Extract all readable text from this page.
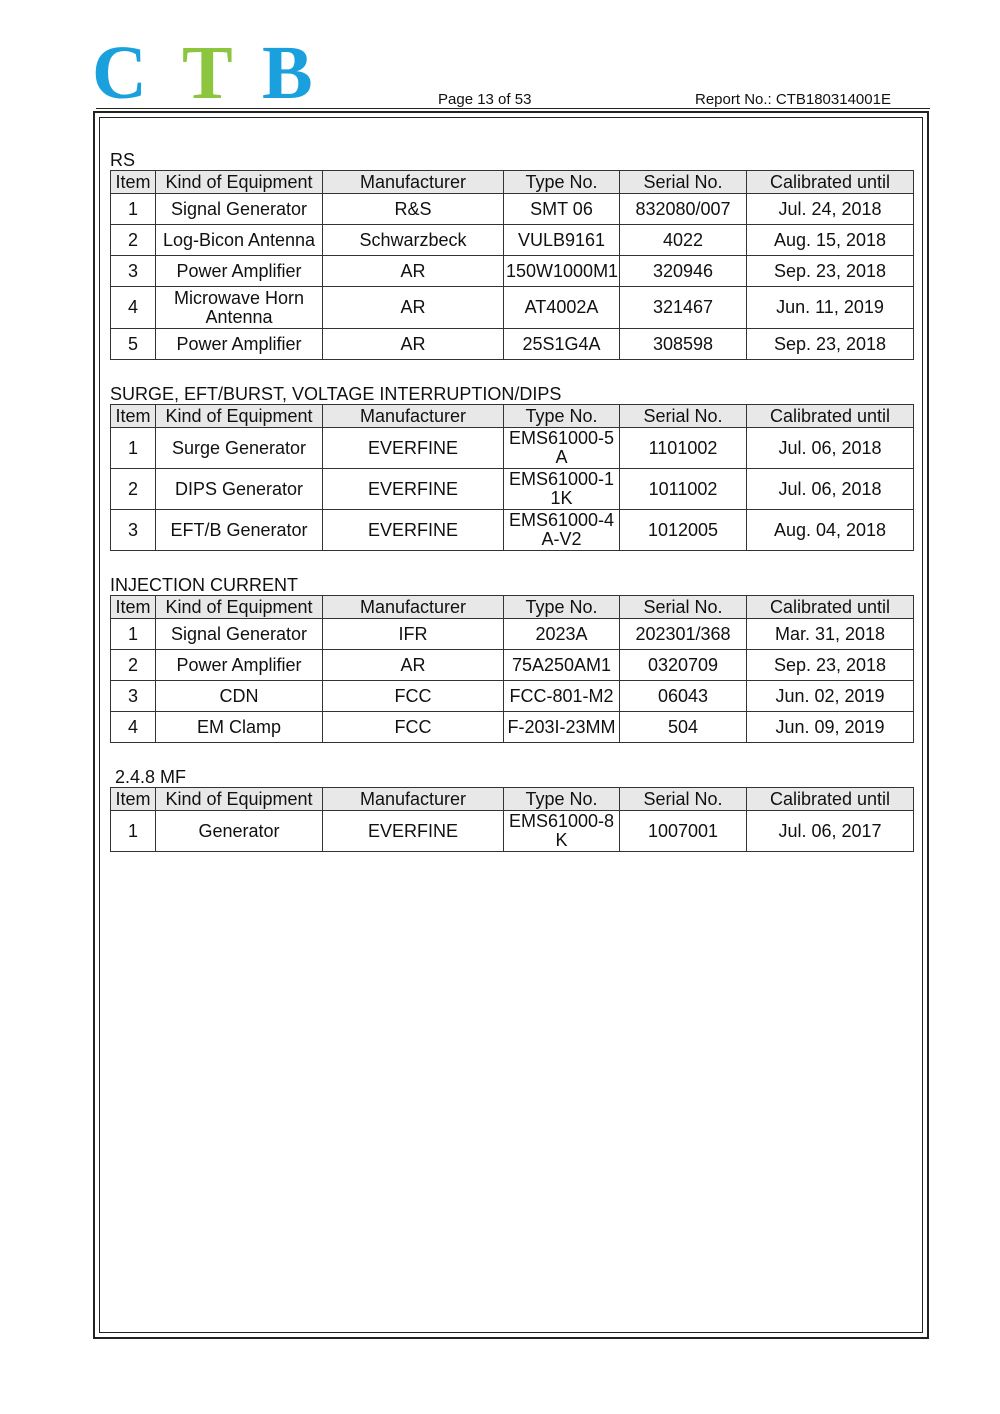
C T B	Page 13 of 53	Report No.: CTB180314001E
RS
Item	Kind of Equipment	Manufacturer	Type No.	Serial No.	Calibrated until
1	Signal Generator	R&S	SMT 06	832080/007	Jul. 24, 2018
2	Log-Bicon Antenna	Schwarzbeck	VULB9161	4022	Aug. 15, 2018
3	Power Amplifier	AR	150W1000M1	320946	Sep. 23, 2018
4	Microwave Horn Antenna	AR	AT4002A	321467	Jun. 11, 2019
5	Power Amplifier	AR	25S1G4A	308598	Sep. 23, 2018
SURGE, EFT/BURST, VOLTAGE INTERRUPTION/DIPS
Item	Kind of Equipment	Manufacturer	Type No.	Serial No.	Calibrated until
1	Surge Generator	EVERFINE	EMS61000-5A	1101002	Jul. 06, 2018
2	DIPS Generator	EVERFINE	EMS61000-11K	1011002	Jul. 06, 2018
3	EFT/B Generator	EVERFINE	EMS61000-4A-V2	1012005	Aug. 04, 2018
INJECTION CURRENT
Item	Kind of Equipment	Manufacturer	Type No.	Serial No.	Calibrated until
1	Signal Generator	IFR	2023A	202301/368	Mar. 31, 2018
2	Power Amplifier	AR	75A250AM1	0320709	Sep. 23, 2018
3	CDN	FCC	FCC-801-M2	06043	Jun. 02, 2019
4	EM Clamp	FCC	F-203I-23MM	504	Jun. 09, 2019
2.4.8 MF
Item	Kind of Equipment	Manufacturer	Type No.	Serial No.	Calibrated until
1	Generator	EVERFINE	EMS61000-8K	1007001	Jul. 06, 2017
